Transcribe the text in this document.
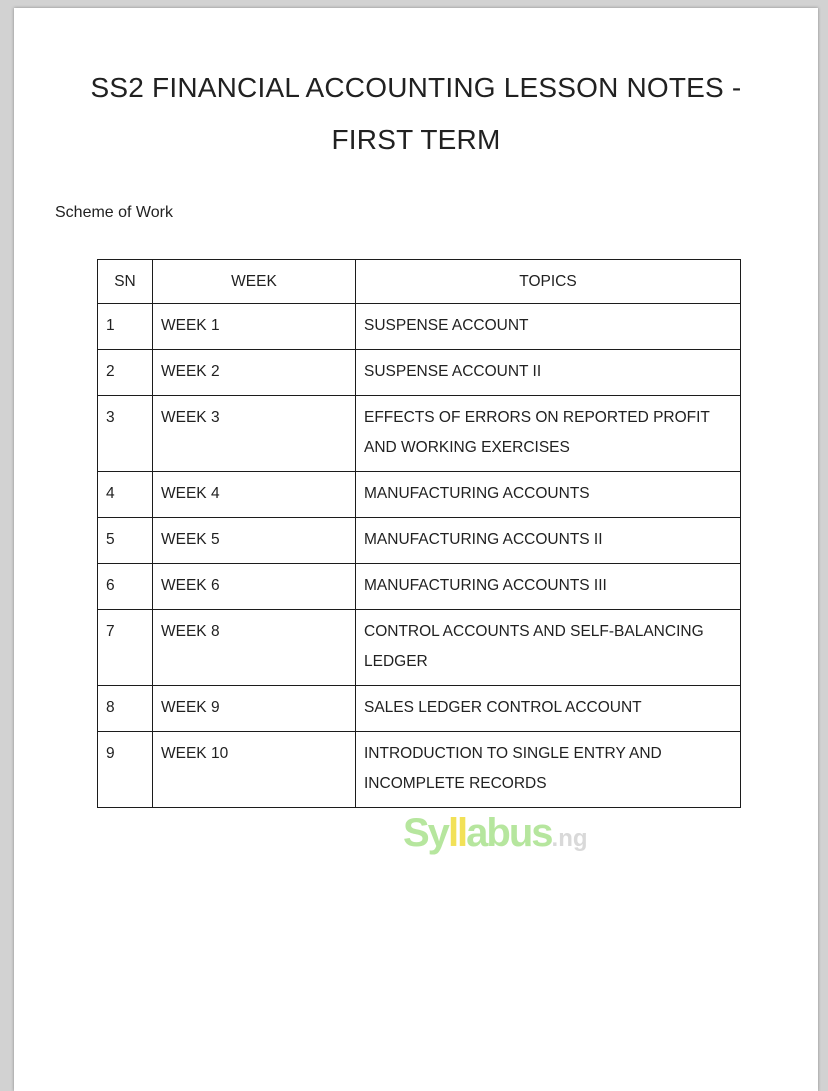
SS2 FINANCIAL ACCOUNTING LESSON NOTES -
FIRST TERM
Scheme of Work
Syllabus.ng
SN	WEEK	TOPICS
1	WEEK 1	SUSPENSE ACCOUNT
2	WEEK 2	SUSPENSE ACCOUNT II
3	WEEK 3	EFFECTS OF ERRORS ON REPORTED PROFIT AND WORKING EXERCISES
4	WEEK 4	MANUFACTURING ACCOUNTS
5	WEEK 5	MANUFACTURING ACCOUNTS II
6	WEEK 6	MANUFACTURING ACCOUNTS III
7	WEEK 8	CONTROL ACCOUNTS AND SELF-BALANCING LEDGER
8	WEEK 9	SALES LEDGER CONTROL ACCOUNT
9	WEEK 10	INTRODUCTION TO SINGLE ENTRY AND INCOMPLETE RECORDS
